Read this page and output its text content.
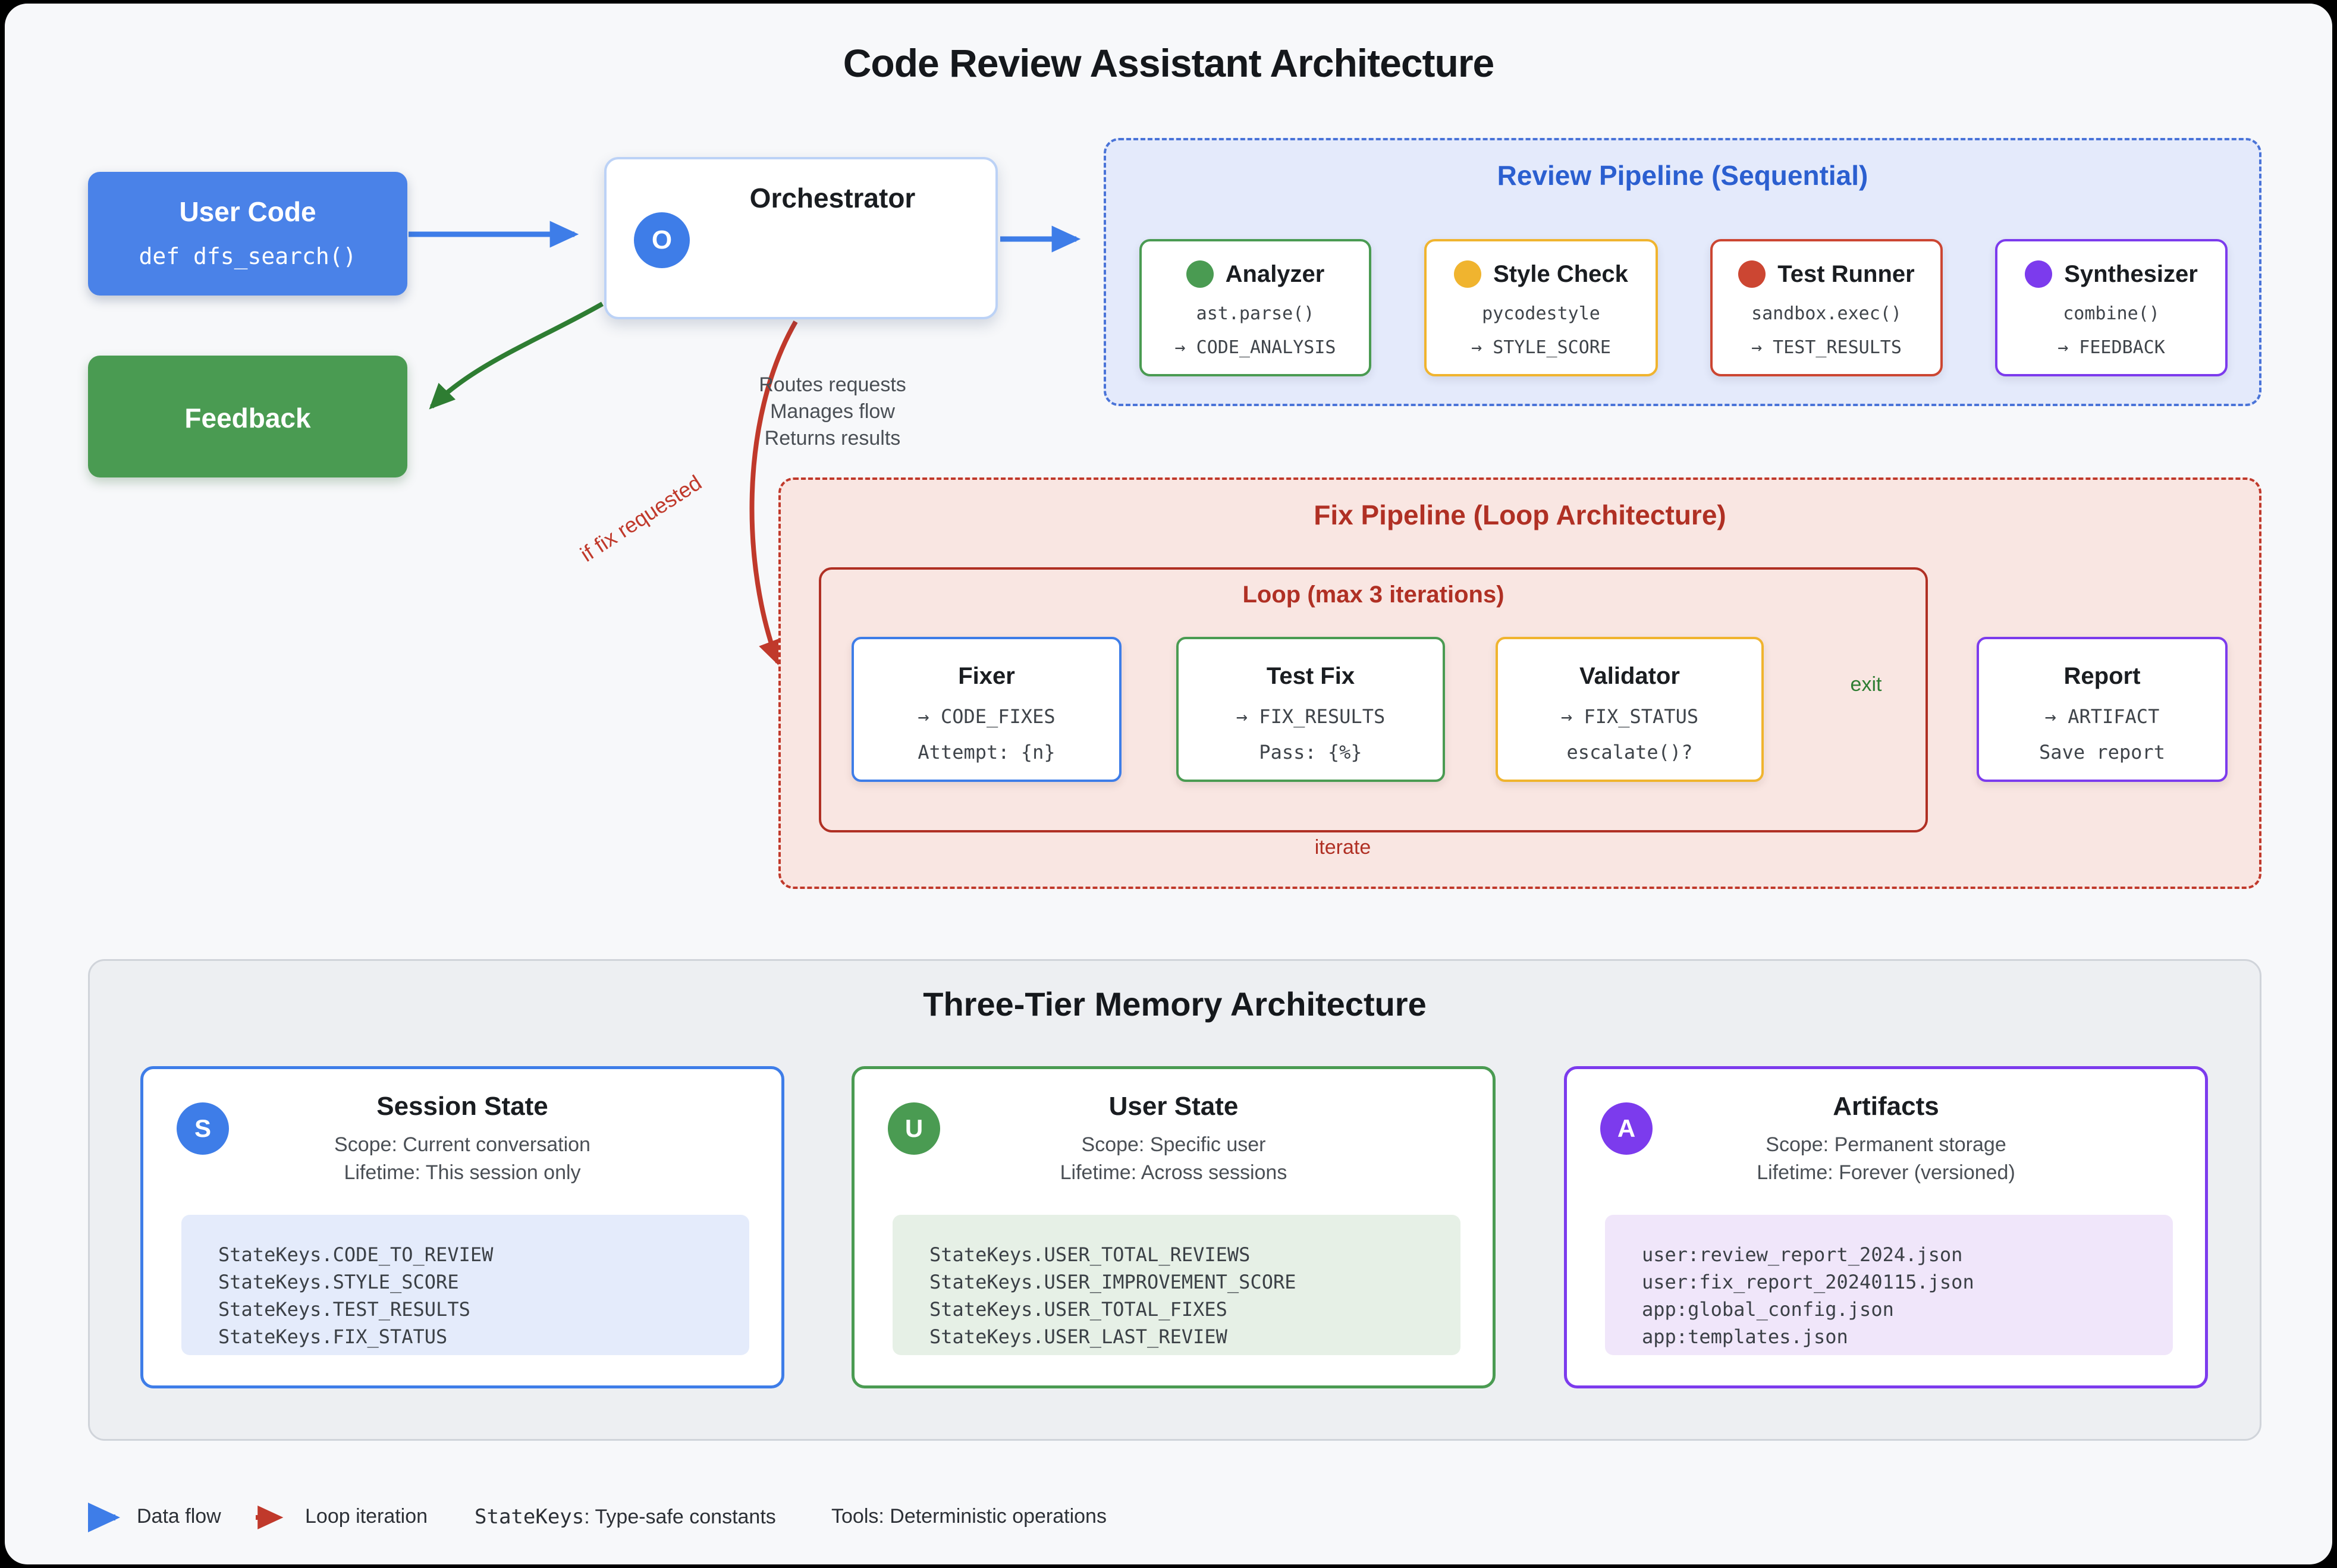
Code Review Assistant Architecture
User Code
def dfs_search()
Feedback
O
Orchestrator
Routes requests
Manages flow
Returns results
Review Pipeline (Sequential)
Analyzer
ast.parse()
→ CODE_ANALYSIS
Style Check
pycodestyle
→ STYLE_SCORE
Test Runner
sandbox.exec()
→ TEST_RESULTS
Synthesizer
combine()
→ FEEDBACK
Fix Pipeline (Loop Architecture)
Loop (max 3 iterations)
Fixer
→ CODE_FIXES
Attempt: {n}
Test Fix
→ FIX_RESULTS
Pass: {%}
Validator
→ FIX_STATUS
escalate()?
Report
→ ARTIFACT
Save report
if fix requested
exit
iterate
Three-Tier Memory Architecture
S
Session State
Scope: Current conversation
Lifetime: This session only
StateKeys.CODE_TO_REVIEW
StateKeys.STYLE_SCORE
StateKeys.TEST_RESULTS
StateKeys.FIX_STATUS
U
User State
Scope: Specific user
Lifetime: Across sessions
StateKeys.USER_TOTAL_REVIEWS
StateKeys.USER_IMPROVEMENT_SCORE
StateKeys.USER_TOTAL_FIXES
StateKeys.USER_LAST_REVIEW
A
Artifacts
Scope: Permanent storage
Lifetime: Forever (versioned)
user:review_report_2024.json
user:fix_report_20240115.json
app:global_config.json
app:templates.json
Data flow	Loop iteration StateKeys: Type-safe constants	Tools: Deterministic operations
